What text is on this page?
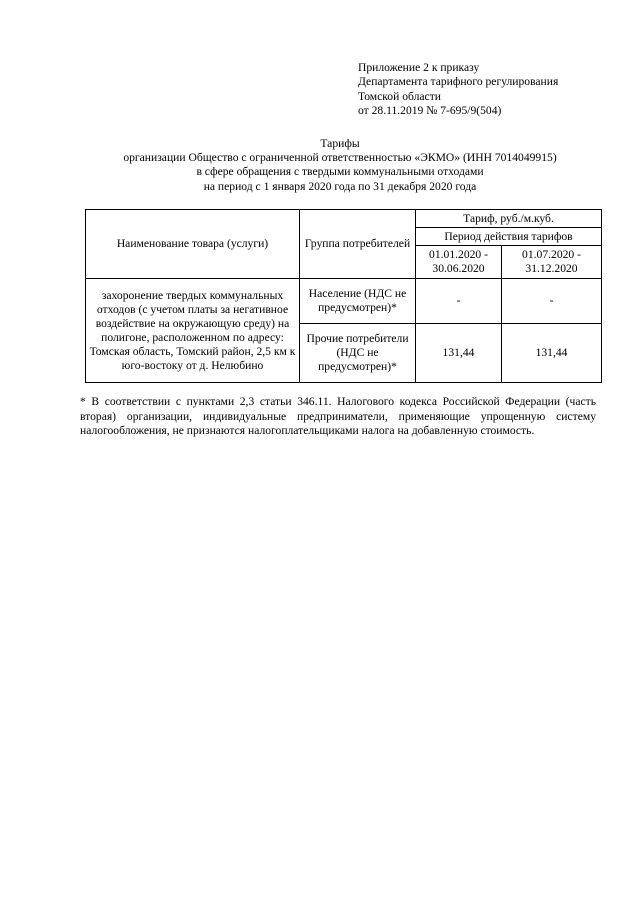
Приложение 2 к приказу
Департамента тарифного регулирования
Томской области
от 28.11.2019 № 7-695/9(504)
Тарифы
организации Общество с ограниченной ответственностью «ЭКМО» (ИНН 7014049915)
в сфере обращения с твердыми коммунальными отходами
на период с 1 января 2020 года по 31 декабря 2020 года
Наименование товара (услуги)	Группа потребителей	Тариф, руб./м.куб.	
		Период действия тарифов	
		01.01.2020 - 30.06.2020	01.07.2020 - 31.12.2020
захоронение твердых коммунальных отходов (с учетом платы за негативное воздействие на окружающую среду) на полигоне, расположенном по адресу: Томская область, Томский район, 2,5 км к юго-востоку от д. Нелюбино	Население (НДС не предусмотрен)*	-	-
	Прочие потребители (НДС не предусмотрен)*	131,44	131,44
* В соответствии с пунктами 2,3 статьи 346.11. Налогового кодекса Российской Федерации (часть вторая) организации, индивидуальные предприниматели, применяющие упрощенную систему налогообложения, не признаются налогоплательщиками налога на добавленную стоимость.
